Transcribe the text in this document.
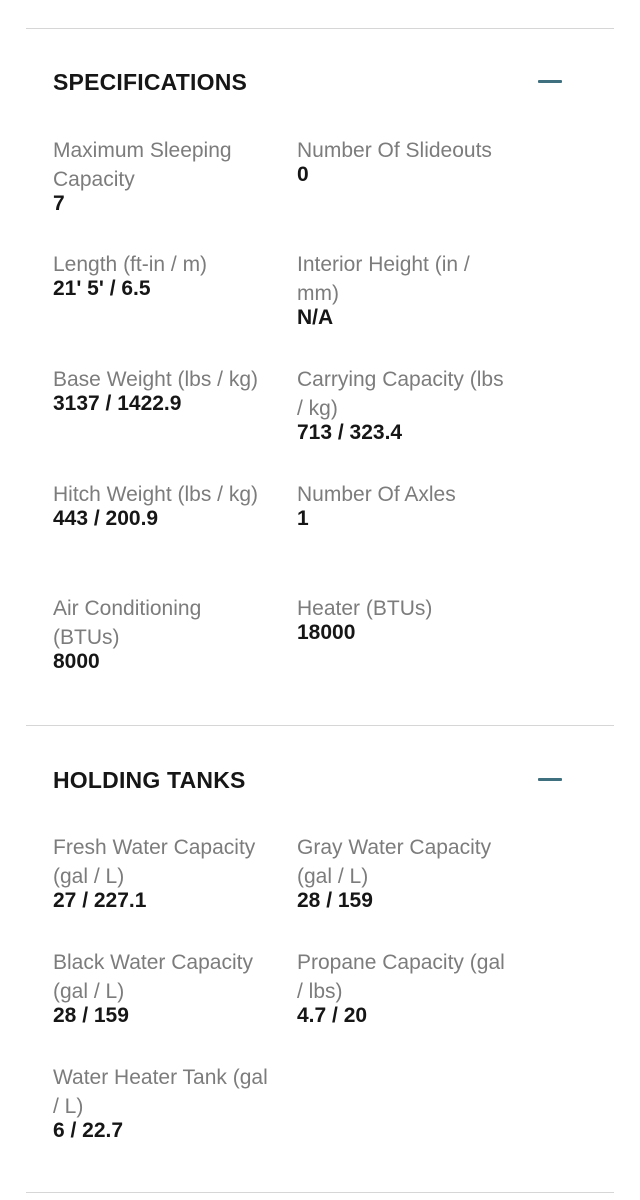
SPECIFICATIONS
Maximum Sleeping Capacity
7
Number Of Slideouts
0
Length (ft-in / m)
21' 5' / 6.5
Interior Height (in / mm)
N/A
Base Weight (lbs / kg)
3137 / 1422.9
Carrying Capacity (lbs / kg)
713 / 323.4
Hitch Weight (lbs / kg)
443 / 200.9
Number Of Axles
1
Air Conditioning (BTUs)
8000
Heater (BTUs)
18000
HOLDING TANKS
Fresh Water Capacity (gal / L)
27 / 227.1
Gray Water Capacity (gal / L)
28 / 159
Black Water Capacity (gal / L)
28 / 159
Propane Capacity (gal / lbs)
4.7 / 20
Water Heater Tank (gal / L)
6 / 22.7
